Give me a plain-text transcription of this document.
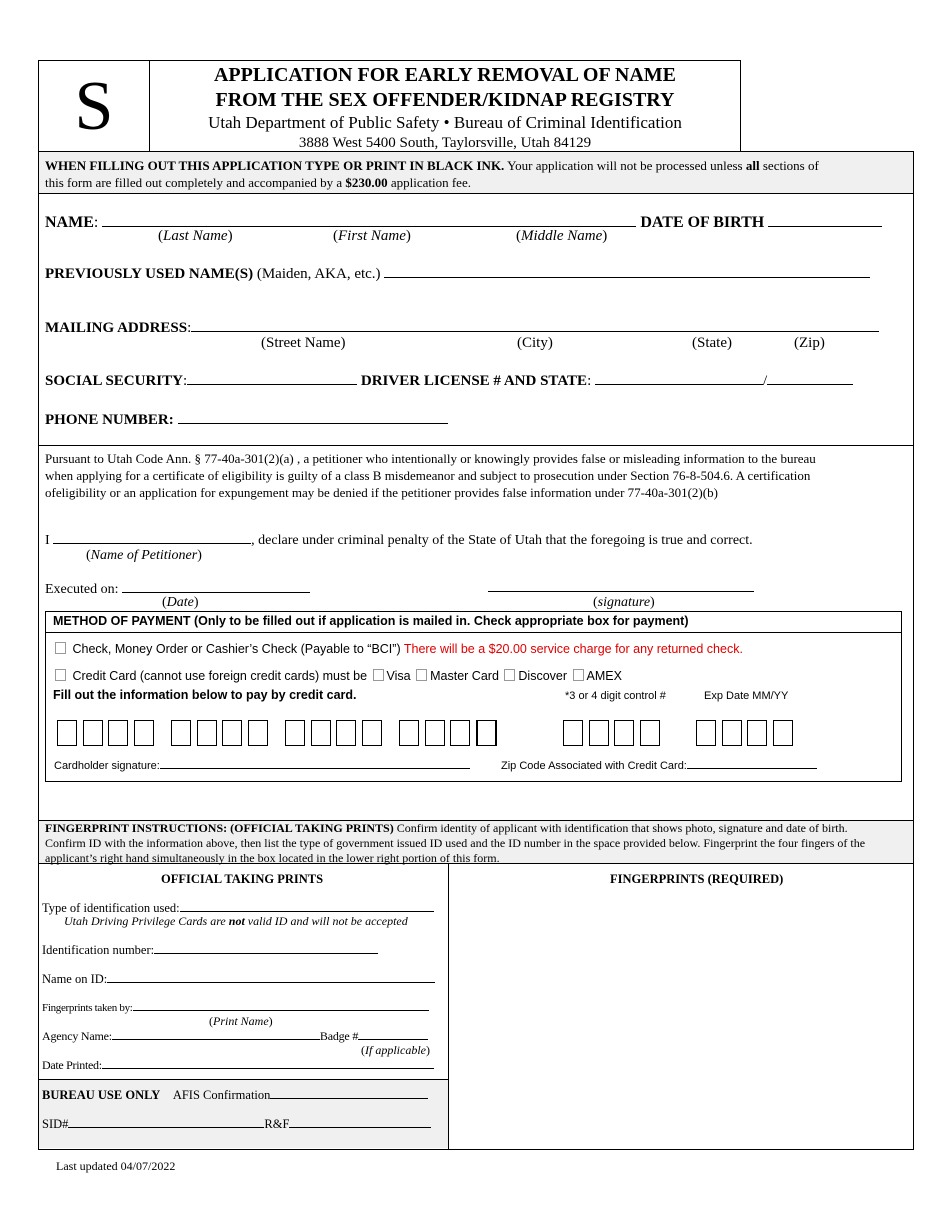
S	APPLICATION FOR EARLY REMOVAL OF NAME
FROM THE SEX OFFENDER/KIDNAP REGISTRY
Utah Department of Public Safety • Bureau of Criminal Identification
3888 West 5400 South, Taylorsville, Utah 84129
WHEN FILLING OUT THIS APPLICATION TYPE OR PRINT IN BLACK INK. Your application will not be processed unless all sections of
this form are filled out completely and accompanied by a $230.00 application fee.
NAME:	DATE OF BIRTH
(Last Name)	(First Name)	(Middle Name)
PREVIOUSLY USED NAME(S) (Maiden, AKA, etc.)
MAILING ADDRESS:
(Street Name)	(City)	(State)	(Zip)
SOCIAL SECURITY:	DRIVER LICENSE # AND STATE:	/
PHONE NUMBER:
Pursuant to Utah Code Ann. § 77-40a-301(2)(a) , a petitioner who intentionally or knowingly provides false or misleading information to the bureau
when applying for a certificate of eligibility is guilty of a class B misdemeanor and subject to prosecution under Section 76-8-504.6. A certification
ofeligibility or an application for expungement may be denied if the petitioner provides false information under 77-40a-301(2)(b)
I	, declare under criminal penalty of the State of Utah that the foregoing is true and correct.
(Name of Petitioner)
Executed on:
(Date)	(signature)
METHOD OF PAYMENT (Only to be filled out if application is mailed in. Check appropriate box for payment)
Check, Money Order or Cashier’s Check (Payable to “BCI”) There will be a $20.00 service charge for any returned check.
Credit Card (cannot use foreign credit cards) must be Visa Master Card Discover AMEX
Fill out the information below to pay by credit card.	*3 or 4 digit control #	Exp Date MM/YY
Cardholder signature:	Zip Code Associated with Credit Card:
FINGERPRINT INSTRUCTIONS: (OFFICIAL TAKING PRINTS) Confirm identity of applicant with identification that shows photo, signature and date of birth.
Confirm ID with the information above, then list the type of government issued ID used and the ID number in the space provided below. Fingerprint the four fingers of the
applicant’s right hand simultaneously in the box located in the lower right portion of this form.
OFFICIAL TAKING PRINTS	FINGERPRINTS (REQUIRED)
Type of identification used:
Utah Driving Privilege Cards are not valid ID and will not be accepted
Identification number:
Name on ID:
Fingerprints taken by:
(Print Name)
Agency Name:	Badge #
(If applicable)
Date Printed:
BUREAU USE ONLY AFIS Confirmation
SID#	R&F
Last updated 04/07/2022
